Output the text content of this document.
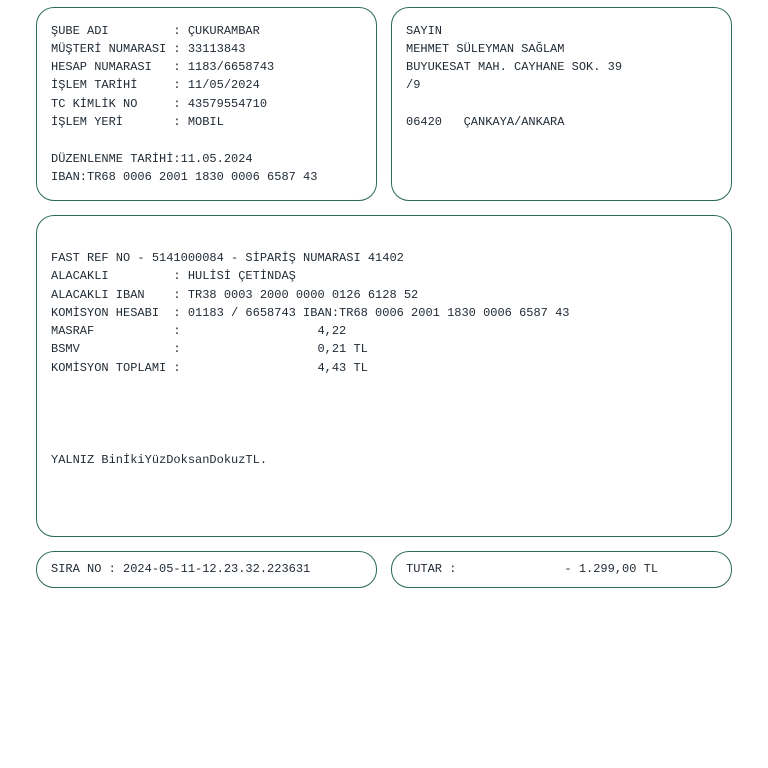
ŞUBE ADI         : ÇUKURAMBAR
MÜŞTERİ NUMARASI : 33113843
HESAP NUMARASI   : 1183/6658743
İŞLEM TARİHİ     : 11/05/2024
TC KİMLİK NO     : 43579554710
İŞLEM YERİ       : MOBIL
DÜZENLENME TARİHİ:11.05.2024
IBAN:TR68 0006 2001 1830 0006 6587 43
SAYIN
MEHMET SÜLEYMAN SAĞLAM
BUYUKESAT MAH. CAYHANE SOK. 39
/9
06420   ÇANKAYA/ANKARA
FAST REF NO - 5141000084 - SİPARİŞ NUMARASI 41402
ALACAKLI         : HULİSİ ÇETİNDAŞ
ALACAKLI IBAN    : TR38 0003 2000 0000 0126 6128 52
KOMİSYON HESABI  : 01183 / 6658743 IBAN:TR68 0006 2001 1830 0006 6587 43
MASRAF           :                   4,22
BSMV             :                   0,21 TL
KOMİSYON TOPLAMI :                   4,43 TL
YALNIZ BinİkiYüzDoksanDokuzTL.
SIRA NO : 2024-05-11-12.23.32.223631	TUTAR :               - 1.299,00 TL
